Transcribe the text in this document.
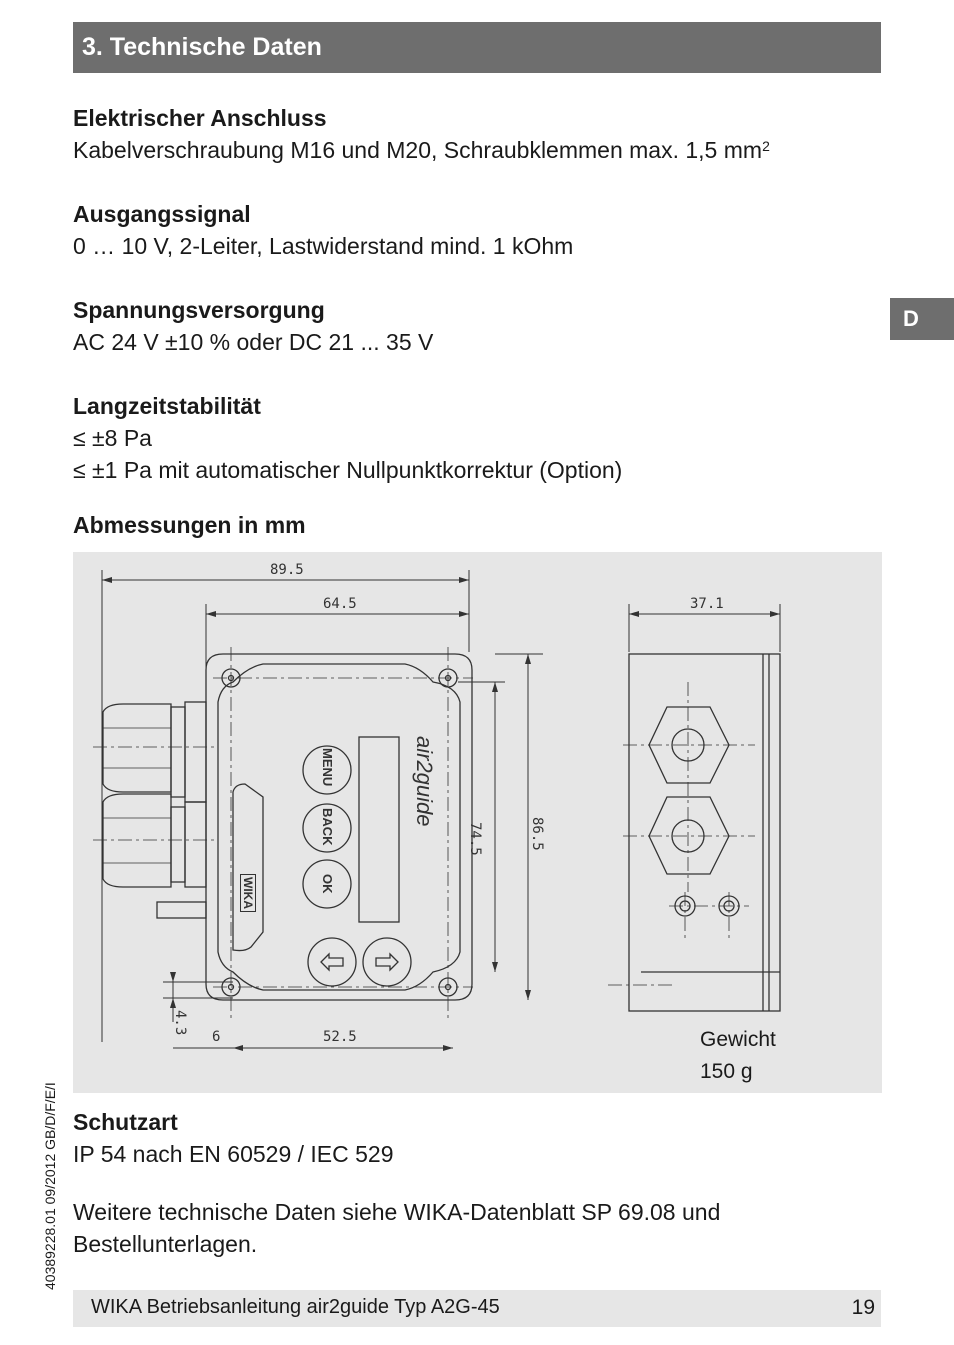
3. Technische Daten
D
Elektrischer Anschluss
Kabelverschraubung M16 und M20, Schraubklemmen max. 1,5 $mm^2$
Ausgangssignal
0 … 10 V, 2-Leiter, Lastwiderstand mind. 1 kOhm
Spannungsversorgung
AC 24 V ±10 % oder DC 21 ... 35 V
Langzeitstabilität
≤ ±8 Pa
≤ ±1 Pa mit automatischer Nullpunktkorrektur (Option)
Abmessungen in mm
89.5
64.5	37.1
74.5	86.5
4.3
6	52.5
MENU
BACK
OK
air2guide
WIKA
Gewicht
150 g
Schutzart
IP 54 nach EN 60529 / IEC 529
Weitere technische Daten siehe WIKA-Datenblatt SP 69.08 und
Bestellunterlagen.
40389228.01 09/2012 GB/D/F/E/I
WIKA Betriebsanleitung air2guide Typ A2G-45	19
